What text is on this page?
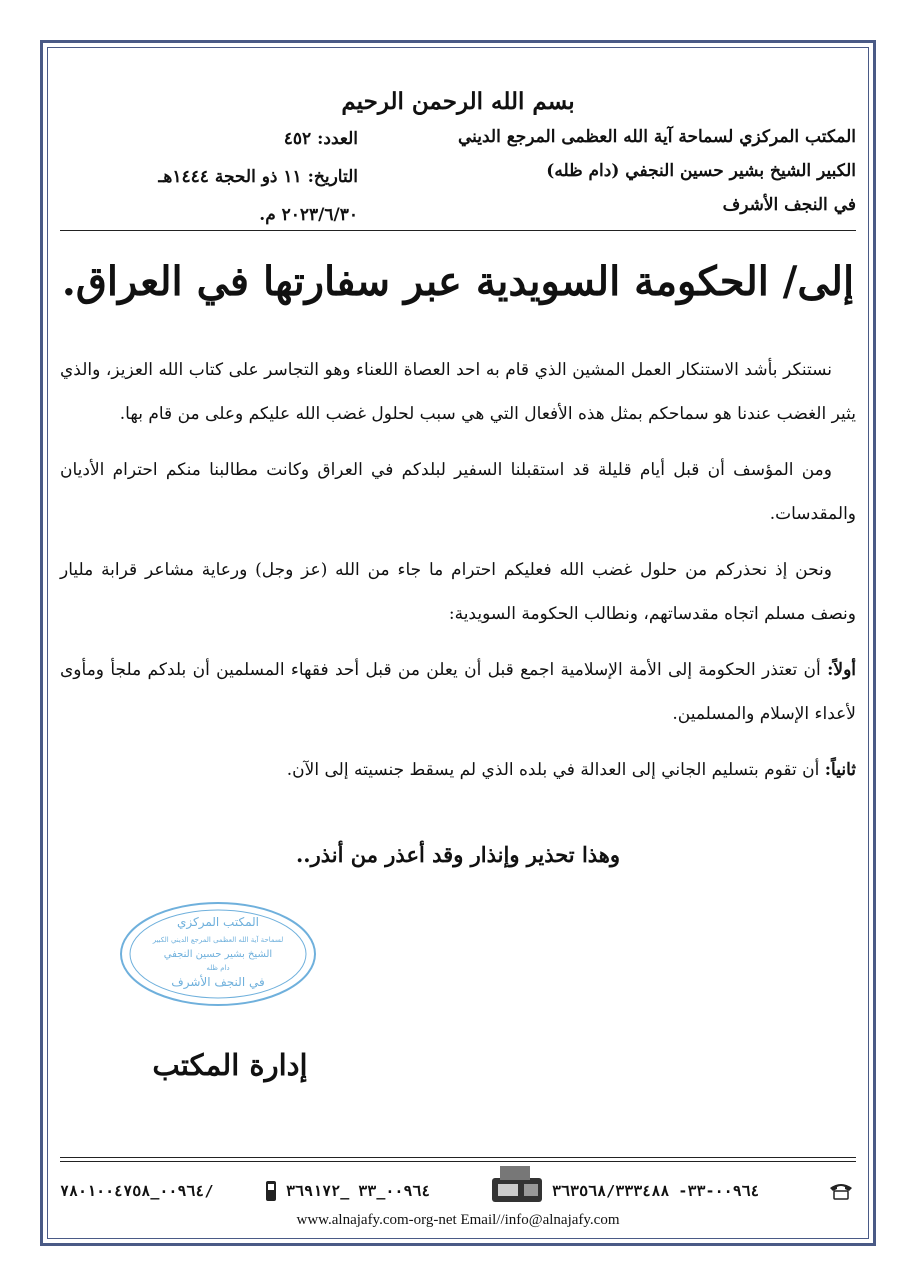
بسم الله الرحمن الرحيم
المكتب المركزي لسماحة آية الله العظمى المرجع الديني
الكبير الشيخ بشير حسين النجفي (دام ظله)
في النجف الأشرف
العدد: ٤٥٢
التاريخ: ١١ ذو الحجة ١٤٤٤هـ
٢٠٢٣/٦/٣٠ م.
إلى/ الحكومة السويدية عبر سفارتها في العراق.

نستنكر بأشد الاستنكار العمل المشين الذي قام به احد العصاة اللعناء وهو التجاسر على كتاب الله العزيز، والذي يثير الغضب عندنا هو سماحكم بمثل هذه الأفعال التي هي سبب لحلول غضب الله عليكم وعلى من قام بها.

ومن المؤسف أن قبل أيام قليلة قد استقبلنا السفير لبلدكم في العراق وكانت مطالبنا منكم احترام الأديان والمقدسات.

ونحن إذ نحذركم من حلول غضب الله فعليكم احترام ما جاء من الله (عز وجل) ورعاية مشاعر قرابة مليار ونصف مسلم اتجاه مقدساتهم، ونطالب الحكومة السويدية:

أولاً: أن تعتذر الحكومة إلى الأمة الإسلامية اجمع قبل أن يعلن من قبل أحد فقهاء المسلمين أن بلدكم ملجأ ومأوى لأعداء الإسلام والمسلمين.

ثانياً: أن تقوم بتسليم الجاني إلى العدالة في بلده الذي لم يسقط جنسيته إلى الآن.

وهذا تحذير وإنذار وقد أعذر من أنذر..
المكتب المركزي
لسماحة آية الله العظمى المرجع الديني الكبير
الشيخ بشير حسين النجفي
دام ظله
في النجف الأشرف
إدارة المكتب
٠٠٩٦٤_٧٨٠١٠٠٤٧٥٨/	٠٠٩٦٤_٣٣ _٣٦٩١٧٢	٠٠٩٦٤-٣٣- ٣٦٣٥٦٨/٣٣٣٤٨٨
www.alnajafy.com-org-net Email//info@alnajafy.com
